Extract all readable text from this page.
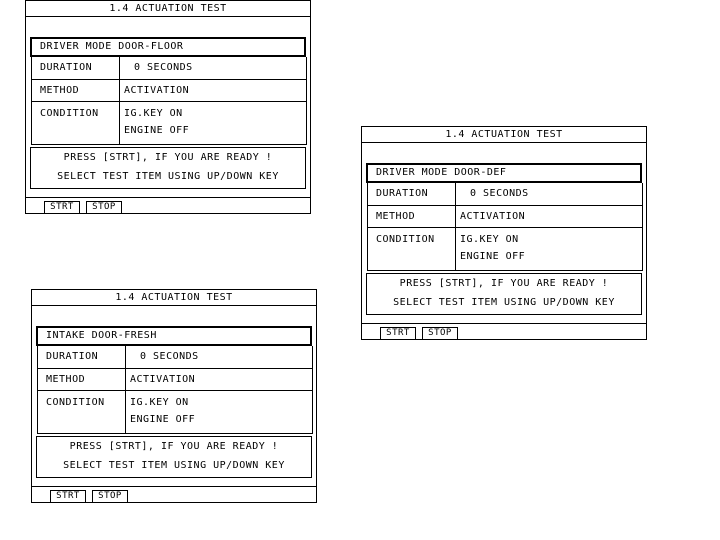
1.4 ACTUATION TEST
DRIVER MODE DOOR-FLOOR
DURATION	0 SECONDS
METHOD	ACTIVATION
CONDITION	IG.KEY ON
ENGINE OFF
PRESS [STRT], IF YOU ARE READY !
SELECT TEST ITEM USING UP/DOWN KEY
STRT	STOP
1.4 ACTUATION TEST
DRIVER MODE DOOR-DEF
DURATION	0 SECONDS
METHOD	ACTIVATION
CONDITION	IG.KEY ON
ENGINE OFF
PRESS [STRT], IF YOU ARE READY !
SELECT TEST ITEM USING UP/DOWN KEY
STRT	STOP
1.4 ACTUATION TEST
INTAKE DOOR-FRESH
DURATION	0 SECONDS
METHOD	ACTIVATION
CONDITION	IG.KEY ON
ENGINE OFF
PRESS [STRT], IF YOU ARE READY !
SELECT TEST ITEM USING UP/DOWN KEY
STRT	STOP
